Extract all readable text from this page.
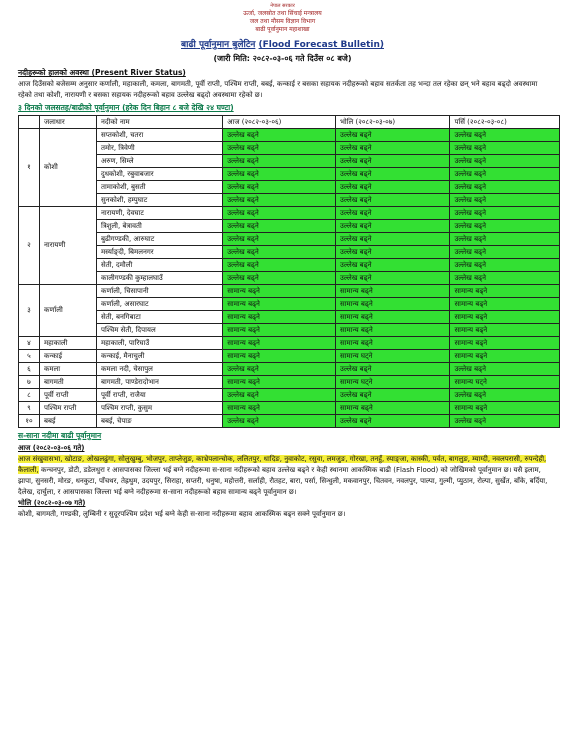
नेपाल सरकार
ऊर्जा, जलस्रोत तथा सिंचाई मन्त्रालय
जल तथा मौसम विज्ञान विभाग
बाढी पूर्वानुमान महाशाखा
बाढी पूर्वानुमान बुलेटिन (Flood Forecast Bulletin)
(जारी मिति: २०८२-०३-०६ गते दिउँस ०८ बजे)
नदीहरूको हालको अवस्था (Present River Status)
आज दिउँसको बजेसम्म अनुसार कर्णाली, महाकाली, कमला, बागमती, पूर्वी राप्ती, पश्चिम राप्ती, बबई, कन्काई र बसका सहायक नदीहरूको बहाव सतर्कता तह भन्दा तल रहेका छन् भने बहाव बढ्दो अवस्थामा रहेको तथा कोशी, नारायणी र बसका सहायक नदीहरूको बहाव उल्लेख बढ्दो अवस्थामा रहेको छ।
३ दिनको जलसतह/बाढीको पूर्वानुमान (हरेक दिन बिहान ८ बजे देखि २४ घण्टा)
	जलाधार	नदीको नाम	आज (२०८२-०३-०६)	भोलि (२०८२-०३-०७)	पर्सि (२०८२-०३-०८)
१	कोशी	सप्तकोशी, चतरा	उल्लेख बढ्ने	उल्लेख बढ्ने	उल्लेख बढ्ने
		तमोर, त्रिवेणी	उल्लेख बढ्ने	उल्लेख बढ्ने	उल्लेख बढ्ने
		अरुण, सिम्ले	उल्लेख बढ्ने	उल्लेख बढ्ने	उल्लेख बढ्ने
		दुधकोशी, रबुवाबजार	उल्लेख बढ्ने	उल्लेख बढ्ने	उल्लेख बढ्ने
		तामाकोशी, बुसती	उल्लेख बढ्ने	उल्लेख बढ्ने	उल्लेख बढ्ने
		सुनकोशी, हम्पुघाट	उल्लेख बढ्ने	उल्लेख बढ्ने	उल्लेख बढ्ने
२	नारायणी	नारायणी, देवघाट	उल्लेख बढ्ने	उल्लेख बढ्ने	उल्लेख बढ्ने
		त्रिशुली, बेत्रावती	उल्लेख बढ्ने	उल्लेख बढ्ने	उल्लेख बढ्ने
		बुढीगण्डकी, आरुघाट	उल्लेख बढ्ने	उल्लेख बढ्ने	उल्लेख बढ्ने
		मर्स्याङ्दी, बिमलनगर	उल्लेख बढ्ने	उल्लेख बढ्ने	उल्लेख बढ्ने
		सेती, दमौली	उल्लेख बढ्ने	उल्लेख बढ्ने	उल्लेख बढ्ने
		कालीगण्डकी कुम्हालघाउँ	उल्लेख बढ्ने	उल्लेख बढ्ने	उल्लेख बढ्ने
३	कर्णाली	कर्णाली, चिसापानी	सामान्य बढ्ने	सामान्य बढ्ने	सामान्य बढ्ने
		कर्णाली, असारघाट	सामान्य बढ्ने	सामान्य बढ्ने	सामान्य बढ्ने
		सेती, बनगिबाटा	सामान्य बढ्ने	सामान्य बढ्ने	सामान्य बढ्ने
		पश्चिम सेती, दिपायल	सामान्य बढ्ने	सामान्य बढ्ने	सामान्य बढ्ने
४	महाकाली	महाकाली, पारिघाउँ	सामान्य बढ्ने	सामान्य बढ्ने	सामान्य बढ्ने
५	कन्काई	कन्काई, मैनाचुली	सामान्य बढ्ने	सामान्य घट्ने	सामान्य बढ्ने
६	कमला	कमला नदी, चेसापुल	उल्लेख बढ्ने	उल्लेख बढ्ने	उल्लेख बढ्ने
७	बागमती	बागमती, पाण्डेरादोभान	सामान्य बढ्ने	सामान्य घट्ने	सामान्य घट्ने
८	पूर्वी राप्ती	पूर्वी राप्ती, राजैया	उल्लेख बढ्ने	उल्लेख बढ्ने	उल्लेख बढ्ने
९	पश्चिम राप्ती	पश्चिम राप्ती, कुसुम	सामान्य बढ्ने	सामान्य बढ्ने	सामान्य बढ्ने
१०	बबई	बबई, चेपाङ	उल्लेख बढ्ने	उल्लेख बढ्ने	उल्लेख बढ्ने
स-साना नदीमा बाढी पूर्वानुमान
आज (२०८२-०३-०६ गते)
आज संखुवासभा, खोटाङ, ओखलढुंगा, सोलुखुम्बु, भोजपुर, ताप्लेजुङ, काभ्रेपलान्चोक, ललितपुर, धादिङ, नुवाकोट, रसुवा, लमजुङ, गोरखा, तनहुँ, स्याङ्जा, कास्की, पर्वत, बागलुङ, म्याग्दी, नवलपरासी, रुपन्देही, कैलाली, कन्चनपुर, डोटी, डडेलधुरा र आसपासका जिल्ला भई बग्ने नदीहरूमा स-साना नदीहरूको बहाव उल्लेख बढ्ने र केही स्थानमा आकस्मिक बाढी (Flash Flood) को जोखिमको पूर्वानुमान छ। यसै इलाम, झापा, सुनसरी, मोरङ, धनकुटा, पाँचथर, तेह्रथुम, उदयपुर, सिराहा, सप्तरी, धनुषा, महोत्तरी, सर्लाही, रौतहट, बारा, पर्सा, सिन्धुली, मकवानपुर, चितवन, नवलपुर, पाल्पा, गुल्मी, प्युठान, रोल्पा, सुर्खेत, बाँके, बर्दिया, दैलेख, दार्चुला, र आसपासका जिल्ला भई बग्ने नदीहरूमा स-साना नदीहरूको बहाव सामान्य बढ्ने पूर्वानुमान छ।
भोलि (२०८२-०३-०७ गते)
कोशी, बागमती, गण्डकी, लुम्बिनी र सुदूरपश्चिम प्रदेश भई बग्ने केही स-साना नदीहरूमा बहाव आकस्मिक बढ्न सक्ने पूर्वानुमान छ।
